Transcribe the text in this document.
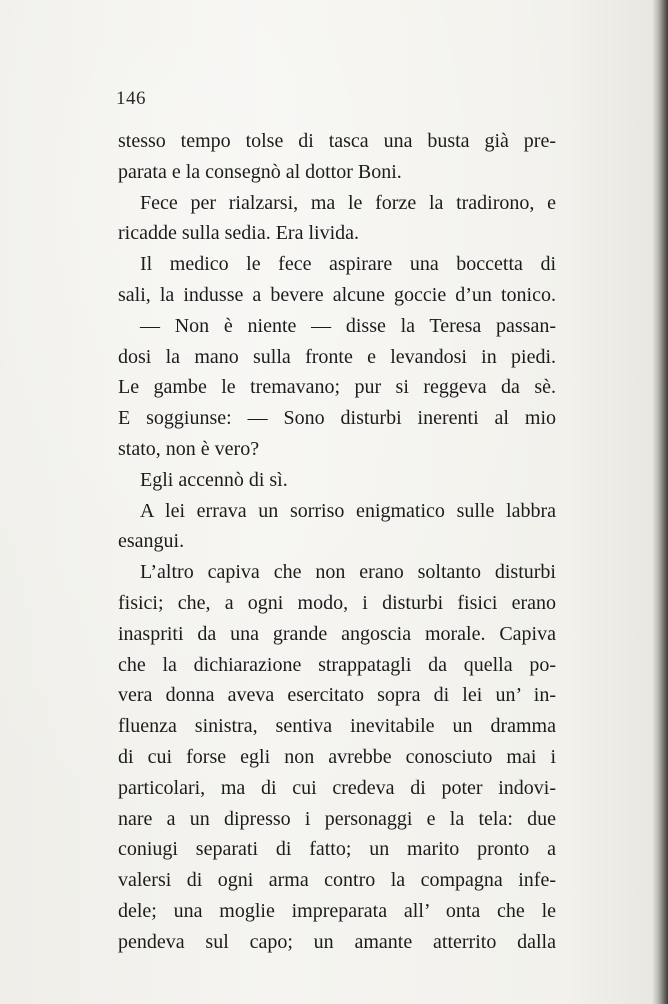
146
stesso tempo tolse di tasca una busta già pre-
parata e la consegnò al dottor Boni.
Fece per rialzarsi, ma le forze la tradirono, e
ricadde sulla sedia. Era livida.
Il medico le fece aspirare una boccetta di
sali, la indusse a bevere alcune goccie d’un tonico.
— Non è niente — disse la Teresa passan-
dosi la mano sulla fronte e levandosi in piedi.
Le gambe le tremavano; pur si reggeva da sè.
E soggiunse: — Sono disturbi inerenti al mio
stato, non è vero?
Egli accennò di sì.
A lei errava un sorriso enigmatico sulle labbra
esangui.
L’altro capiva che non erano soltanto disturbi
fisici; che, a ogni modo, i disturbi fisici erano
inaspriti da una grande angoscia morale. Capiva
che la dichiarazione strappatagli da quella po-
vera donna aveva esercitato sopra di lei un’ in-
fluenza sinistra, sentiva inevitabile un dramma
di cui forse egli non avrebbe conosciuto mai i
particolari, ma di cui credeva di poter indovi-
nare a un dipresso i personaggi e la tela: due
coniugi separati di fatto; un marito pronto a
valersi di ogni arma contro la compagna infe-
dele; una moglie impreparata all’ onta che le
pendeva sul capo; un amante atterrito dalla
